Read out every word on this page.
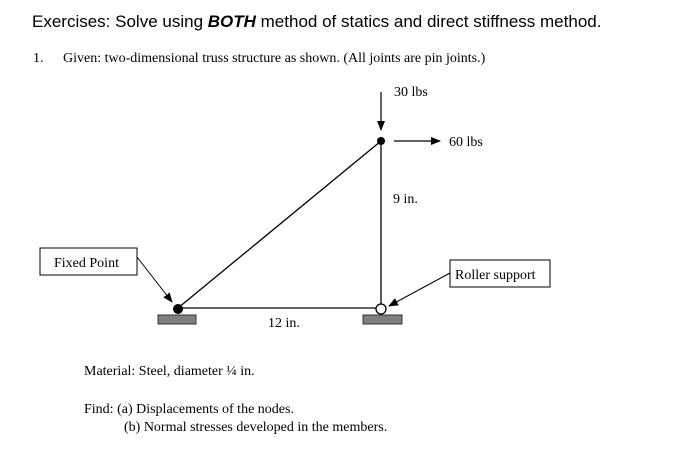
Exercises: Solve using BOTH method of statics and direct stiffness method.
1. Given: two-dimensional truss structure as shown. (All joints are pin joints.)
30 lbs
60 lbs
9 in.
12 in.
Fixed Point
Roller support
Material: Steel, diameter ¼ in.
Find: (a) Displacements of the nodes.
(b) Normal stresses developed in the members.
